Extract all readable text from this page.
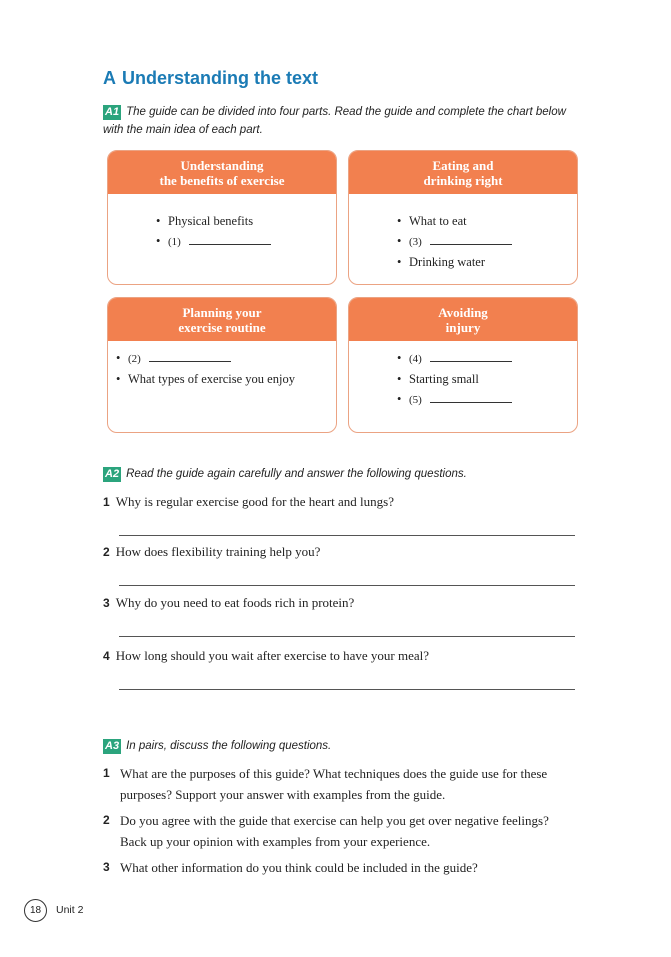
A Understanding the text
A1 The guide can be divided into four parts. Read the guide and complete the chart below with the main idea of each part.
Understanding
the benefits of exercise
• Physical benefits
• (1)
Eating and
drinking right
• What to eat
• (3)
• Drinking water
Planning your
exercise routine
• (2)
• What types of exercise you enjoy
Avoiding
injury
• (4)
• Starting small
• (5)
A2 Read the guide again carefully and answer the following questions.
1 Why is regular exercise good for the heart and lungs?
2 How does flexibility training help you?
3 Why do you need to eat foods rich in protein?
4 How long should you wait after exercise to have your meal?
A3 In pairs, discuss the following questions.
1 What are the purposes of this guide? What techniques does the guide use for these purposes? Support your answer with examples from the guide.
2 Do you agree with the guide that exercise can help you get over negative feelings? Back up your opinion with examples from your experience.
3 What other information do you think could be included in the guide?
18	Unit 2
